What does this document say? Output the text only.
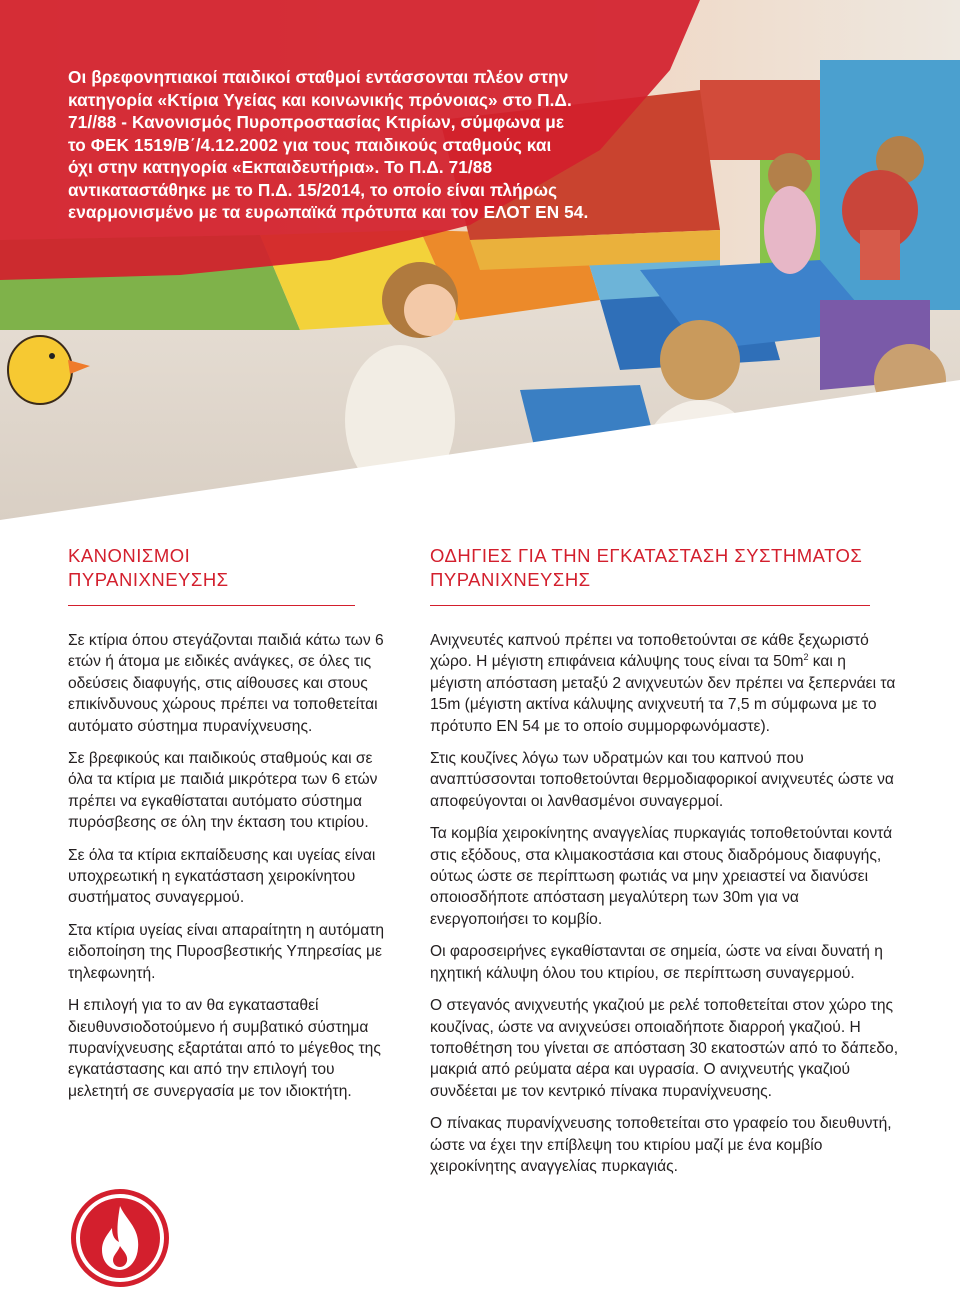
Οι βρεφονηπιακοί παιδικοί σταθμοί εντάσσονται πλέον στην
κατηγορία «Κτίρια Υγείας και κοινωνικής πρόνοιας» στο Π.Δ.
71//88 - Κανονισμός Πυροπροστασίας Κτιρίων, σύμφωνα με
το ΦΕΚ 1519/Β΄/4.12.2002 για τους παιδικούς σταθμούς και
όχι στην κατηγορία «Εκπαιδευτήρια». Το Π.Δ. 71/88
αντικαταστάθηκε με το Π.Δ. 15/2014, το οποίο είναι πλήρως
εναρμονισμένο με τα ευρωπαϊκά πρότυπα και τον ΕΛΟΤ ΕΝ 54.

ΚΑΝΟΝΙΣΜΟΙ
ΠΥΡΑΝΙΧΝΕΥΣΗΣ

Σε κτίρια όπου στεγάζονται παιδιά κάτω των 6 ετών ή άτομα με ειδικές ανάγκες, σε όλες τις οδεύσεις διαφυγής, στις αίθουσες και στους επικίνδυνους χώρους πρέπει να τοποθετείται αυτόματο σύστημα πυρανίχνευσης.

Σε βρεφικούς και παιδικούς σταθμούς και σε όλα τα κτίρια με παιδιά μικρότερα των 6 ετών πρέπει να εγκαθίσταται αυτόματο σύστημα πυρόσβεσης σε όλη την έκταση του κτιρίου.

Σε όλα τα κτίρια εκπαίδευσης και υγείας είναι υποχρεωτική η εγκατάσταση χειροκίνητου συστήματος συναγερμού.

Στα κτίρια υγείας είναι απαραίτητη η αυτόματη ειδοποίηση της Πυροσβεστικής Υπηρεσίας με τηλεφωνητή.

Η επιλογή για το αν θα εγκατασταθεί διευθυνσιοδοτούμενο ή συμβατικό σύστημα πυρανίχνευσης εξαρτάται από το μέγεθος της εγκατάστασης και από την επιλογή του μελετητή σε συνεργασία με τον ιδιοκτήτη.

ΟΔΗΓΙΕΣ ΓΙΑ ΤΗΝ ΕΓΚΑΤΑΣΤΑΣΗ ΣΥΣΤΗΜΑΤΟΣ
ΠΥΡΑΝΙΧΝΕΥΣΗΣ

Ανιχνευτές καπνού πρέπει να τοποθετούνται σε κάθε ξεχωριστό χώρο. Η μέγιστη επιφάνεια κάλυψης τους είναι τα $50m^2$ και η μέγιστη απόσταση μεταξύ 2 ανιχνευτών δεν πρέπει να ξεπερνάει τα 15m (μέγιστη ακτίνα κάλυψης ανιχνευτή τα 7,5 m σύμφωνα με το πρότυπο ΕΝ 54 με το οποίο συμμορφωνόμαστε).

Στις κουζίνες λόγω των υδρατμών και του καπνού που αναπτύσσονται τοποθετούνται θερμοδιαφορικοί ανιχνευτές ώστε να αποφεύγονται οι λανθασμένοι συναγερμοί.

Τα κομβία χειροκίνητης αναγγελίας πυρκαγιάς τοποθετούνται κοντά στις εξόδους, στα κλιμακοστάσια και στους διαδρόμους διαφυγής, ούτως ώστε σε περίπτωση φωτιάς να μην χρειαστεί να διανύσει οποιοσδήποτε απόσταση μεγαλύτερη των 30m για να ενεργοποιήσει το κομβίο.

Οι φαροσειρήνες εγκαθίστανται σε σημεία, ώστε να είναι δυνατή η ηχητική κάλυψη όλου του κτιρίου, σε περίπτωση συναγερμού.

Ο στεγανός ανιχνευτής γκαζιού με ρελέ τοποθετείται στον χώρο της κουζίνας, ώστε να ανιχνεύσει οποιαδήποτε διαρροή γκαζιού. Η τοποθέτηση του γίνεται σε απόσταση 30 εκατοστών από το δάπεδο, μακριά από ρεύματα αέρα και υγρασία. Ο ανιχνευτής γκαζιού συνδέεται με τον κεντρικό πίνακα πυρανίχνευσης.

Ο πίνακας πυρανίχνευσης τοποθετείται στο γραφείο του διευθυντή, ώστε να έχει την επίβλεψη του κτιρίου μαζί με ένα κομβίο χειροκίνητης αναγγελίας πυρκαγιάς.
